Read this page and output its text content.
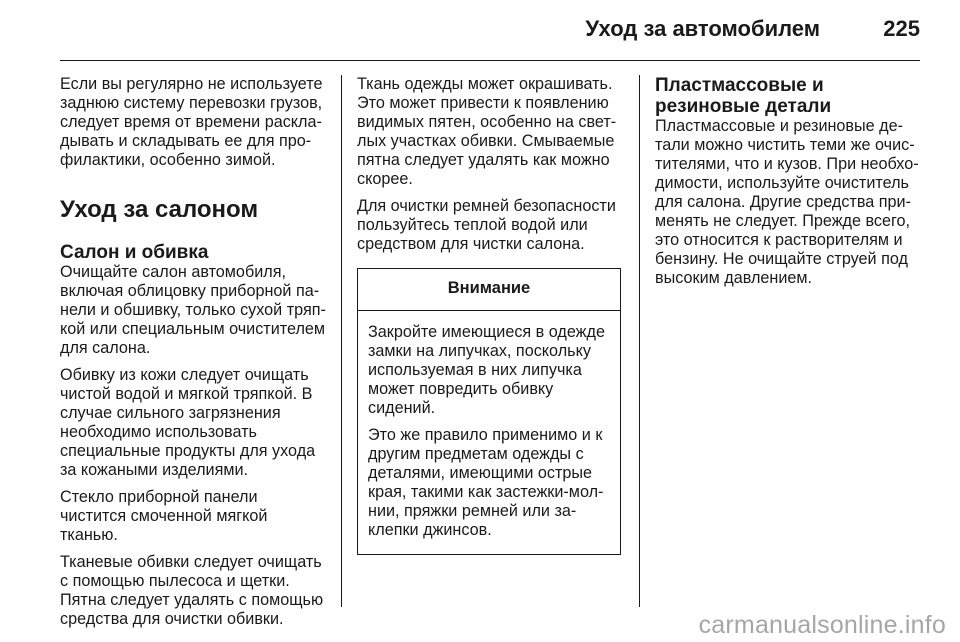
Уход за автомобилем	225

Если вы регулярно не используете заднюю систему перевозки грузов, следует время от времени раскладывать и складывать ее для профилактики, особенно зимой.

Уход за салоном
Салон и обивка

Очищайте салон автомобиля, включая облицовку приборной панели и обшивку, только сухой тряпкой или специальным очистителем для салона.

Обивку из кожи следует очищать чистой водой и мягкой тряпкой. В случае сильного загрязнения необходимо использовать специальные продукты для ухода за кожаными изделиями.

Стекло приборной панели чистится смоченной мягкой тканью.

Тканевые обивки следует очищать с помощью пылесоса и щетки. Пятна следует удалять с помощью средства для очистки обивки.

Ткань одежды может окрашивать. Это может привести к появлению видимых пятен, особенно на светлых участках обивки. Смываемые пятна следует удалять как можно скорее.

Для очистки ремней безопасности пользуйтесь теплой водой или средством для чистки салона.

Внимание

Закройте имеющиеся в одежде замки на липучках, поскольку используемая в них липучка может повредить обивку сидений.

Это же правило применимо и к другим предметам одежды с деталями, имеющими острые края, такими как застежки-молнии, пряжки ремней или заклепки джинсов.

Пластмассовые и резиновые детали

Пластмассовые и резиновые детали можно чистить теми же очистителями, что и кузов. При необходимости, используйте очиститель для салона. Другие средства применять не следует. Прежде всего, это относится к растворителям и бензину. Не очищайте струей под высоким давлением.

carmanualsonline.info
